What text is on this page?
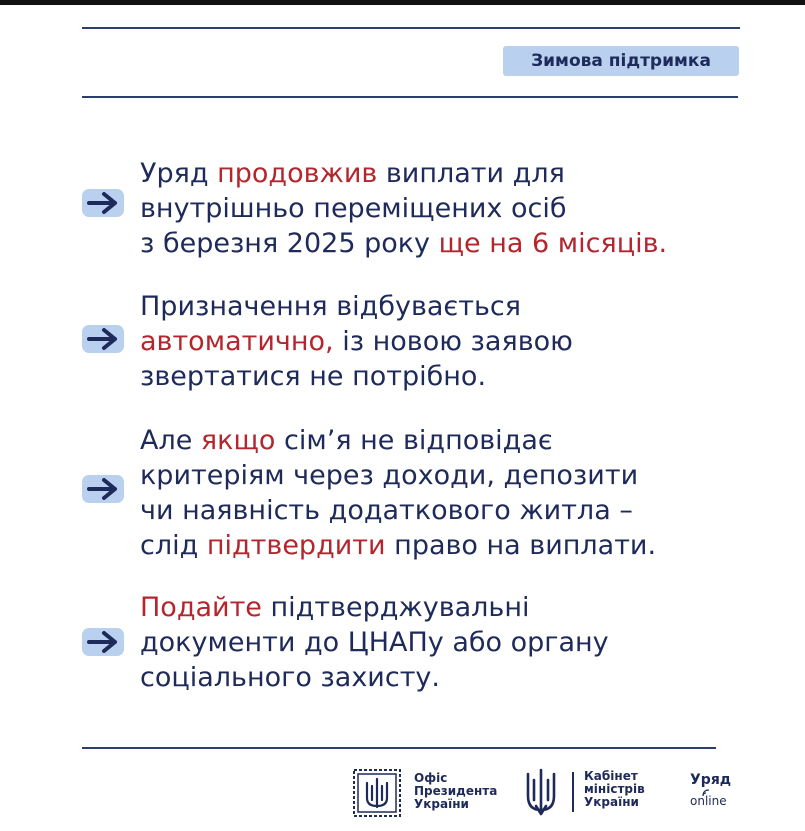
Зимова підтримка
Уряд продовжив виплати для
внутрішньо переміщених осіб
з березня 2025 року ще на 6 місяців.
Призначення відбувається
автоматично, із новою заявою
звертатися не потрібно.
Але якщо сім’я не відповідає
критеріям через доходи, депозити
чи наявність додаткового житла –
слід підтвердити право на виплати.
Подайте підтверджувальні
документи до ЦНАПу або органу
соціального захисту.
Офіс
Президента
України
Кабінет
міністрів
України
Уряд
online
